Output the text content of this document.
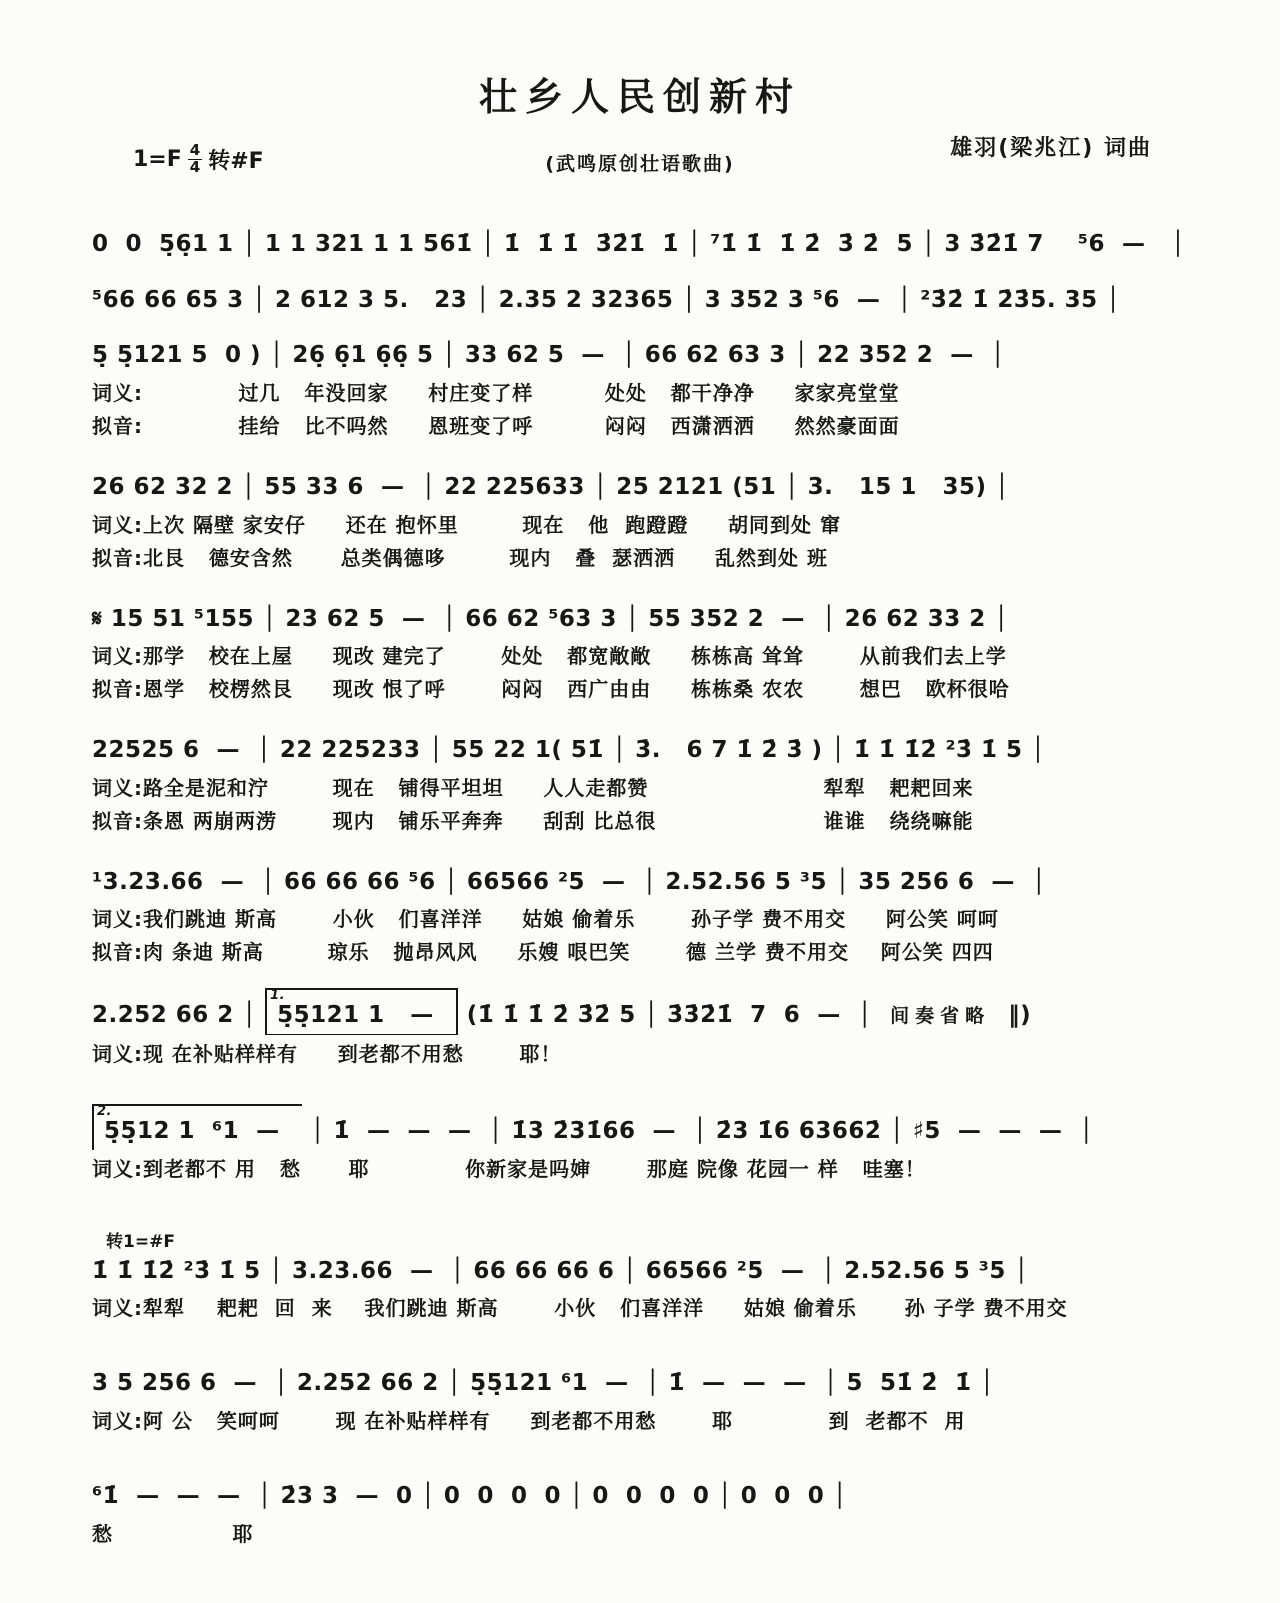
壮乡人民创新村
$1=F \frac{4}{4}$ 转#F	(武鸣原创壮语歌曲)
雄羽(梁兆江) 词曲
0  0  5̣6̣1 1 │ 1 1 321 1 1 561̇ │ 1̇  1̇ 1̇  3̇2̇1̇  1̇ │ ⁷1̇ 1̇  1̇ 2̇  3̇ 2̇  5 │ 3 3̇2̇1̇ 7    ⁵6  —   │
⁵66 66 65 3 │ 2 612 3 5.   23 │ 2.35 2 32365 │ 3 352 3 ⁵6  —  │ ²3̇2̇ 1̇ 2̇3̇5. 35 │
5̣ 5̣121 5  0 ) │ 26̣ 6̣1 6̣6̣ 5 │ 33 62 5  —  │ 66 62 63 3 │ 22 352 2  —  │
词义:            过几   年没回家     村庄变了样         处处   都干净净     家家亮堂堂
拟音:            挂给   比不吗然     恩班变了呼         闷闷   西潇洒洒     然然豪面面
26 62 32 2 │ 55 33 6  —  │ 22 225633 │ 25 2121 (51 │ 3.   15 1   35) │
词义:上次 隔壁 家安仔     还在 抱怀里        现在   他  跑蹬蹬     胡同到处 窜
拟音:北艮   德安含然      总类偶德哆        现内   叠  瑟洒洒     乱然到处 班
𝄋 15 51 ⁵155 │ 23 62 5  —  │ 66 62 ⁵63 3 │ 55 352 2  —  │ 26 62 33 2 │
词义:那学   校在上屋     现改 建完了       处处   都宽敞敞     栋栋高 耸耸       从前我们去上学
拟音:恩学   校楞然艮     现改 恨了呼       闷闷   西广由由     栋栋桑 农农       想巴   欧杯很哈
22525 6  —  │ 22 225233 │ 55 22 1( 51̇ │ 3̇.   6 7 1̇ 2̇ 3̇ ) │ 1̇ 1̇ 1̇2̇ ²3̇ 1̇ 5 │
词义:路全是泥和泞        现在   铺得平坦坦     人人走都赞                      犁犁   耙耙回来
拟音:条恩 两崩两涝       现内   铺乐平奔奔     刮刮 比总很                     谁谁   绕绕嘛能
¹3.23.66  —  │ 66 66 66 ⁵6 │ 66566 ²5  —  │ 2.52.56 5 ³5 │ 35 256 6  —  │
词义:我们跳迪 斯高       小伙   们喜洋洋     姑娘 偷着乐       孙子学 费不用交     阿公笑 呵呵
拟音:肉 条迪 斯高        琼乐   抛昂风风     乐嫂 哏巴笑       德 兰学 费不用交    阿公笑 四四
2.252 66 2 │
1.
5̣5̣121 1   —  (1̇ 1̇ 1̇ 2̇ 3̇2̇ 5 │ 3̇3̇2̇1̇  7  6  —  │ 间奏省略 ‖)
词义:现 在补贴样样有     到老都不用愁       耶！
2.
5̣5̣12 1  ⁶1  —  │ 1̇  —  —  —  │ 1̇3 2̇31̇66  —  │ 2̇3 1̇6 63662̇ │ ♯5  —  —  —  │
词义:到老都不 用   愁      耶            你新家是吗婶       那庭 院像 花园一 样   哇塞！
转1=#F
1̇ 1̇ 1̇2̇ ²3̇ 1̇ 5 │ 3.23.66  —  │ 66 66 66 6 │ 66566 ²5  —  │ 2.52.56 5 ³5 │
词义:犁犁    耙耙  回  来    我们跳迪 斯高       小伙   们喜洋洋     姑娘 偷着乐      孙 子学 费不用交
3 5 256 6  —  │ 2.252 66 2 │ 5̣5̣121 ⁶1  —  │ 1̇  —  —  —  │ 5  51̇ 2̇  1̇ │
词义:阿 公   笑呵呵       现 在补贴样样有     到老都不用愁       耶            到  老都不  用
⁶1̇  —  —  —  │ 2̇3 3  —  0 │ 0  0  0  0 │ 0  0  0  0 │ 0  0  0 │
愁               耶
